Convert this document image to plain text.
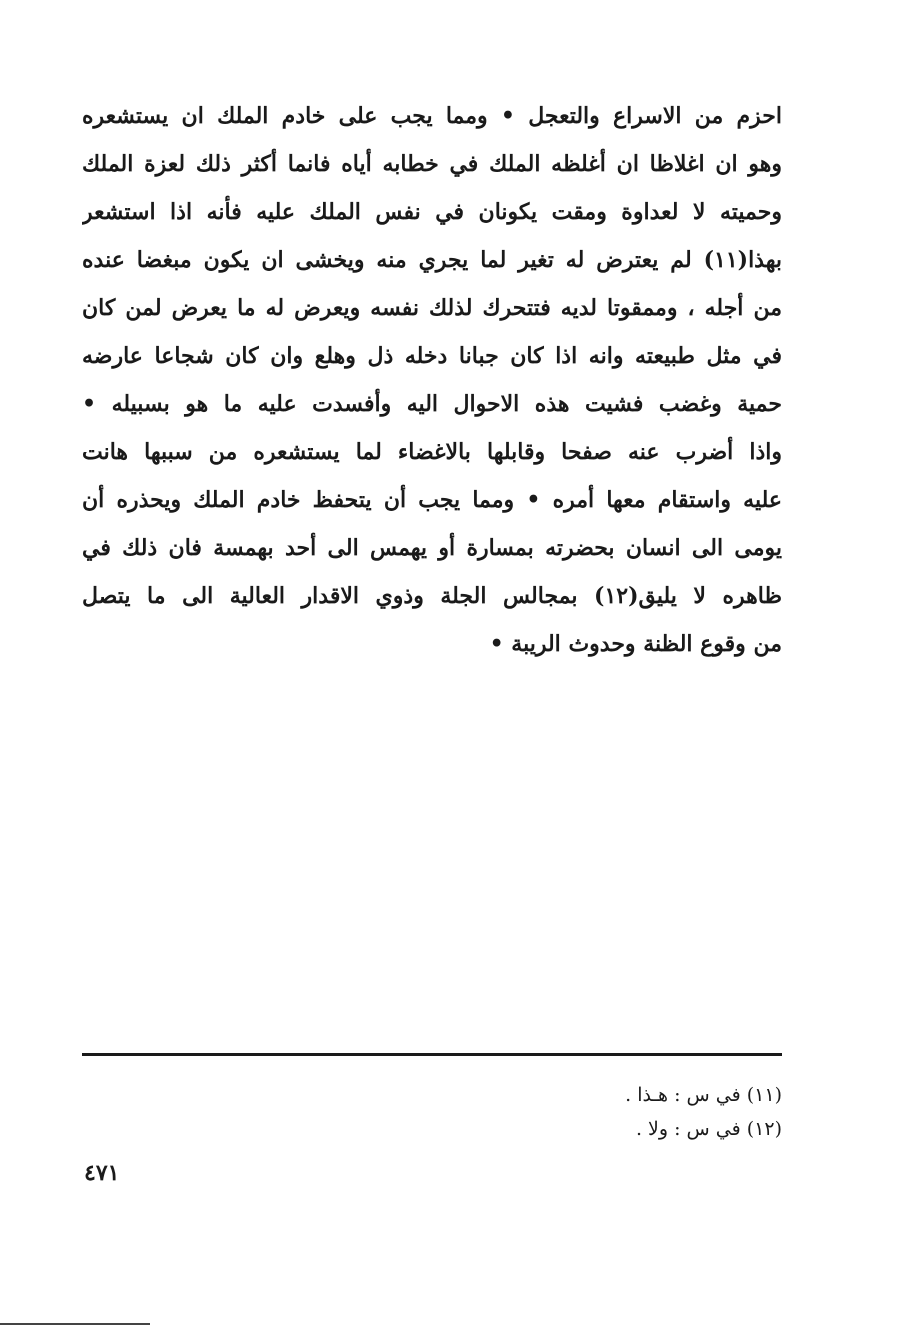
احزم من الاسراع والتعجل • ومما يجب على خادم الملك ان يستشعره
وهو ان اغلاظا ان أغلظه الملك في خطابه أياه فانما أكثر ذلك لعزة الملك
وحميته لا لعداوة ومقت يكونان في نفس الملك عليه فأنه اذا استشعر
بهذا(١١) لم يعترض له تغير لما يجري منه ويخشى ان يكون مبغضا عنده
من أجله ، وممقوتا لديه فتتحرك لذلك نفسه ويعرض له ما يعرض لمن كان
في مثل طبيعته وانه اذا كان جبانا دخله ذل وهلع وان كان شجاعا عارضه
حمية وغضب فشيت هذه الاحوال اليه وأفسدت عليه ما هو بسبيله •
واذا أضرب عنه صفحا وقابلها بالاغضاء لما يستشعره من سببها هانت
عليه واستقام معها أمره • ومما يجب أن يتحفظ خادم الملك ويحذره أن
يومى الى انسان بحضرته بمسارة أو يهمس الى أحد بهمسة فان ذلك في
ظاهره لا يليق(١٢) بمجالس الجلة وذوي الاقدار العالية الى ما يتصل
من وقوع الظنة وحدوث الريبة •
(١١) في س : هـذا .
(١٢) في س : ولا .
٤٧١
